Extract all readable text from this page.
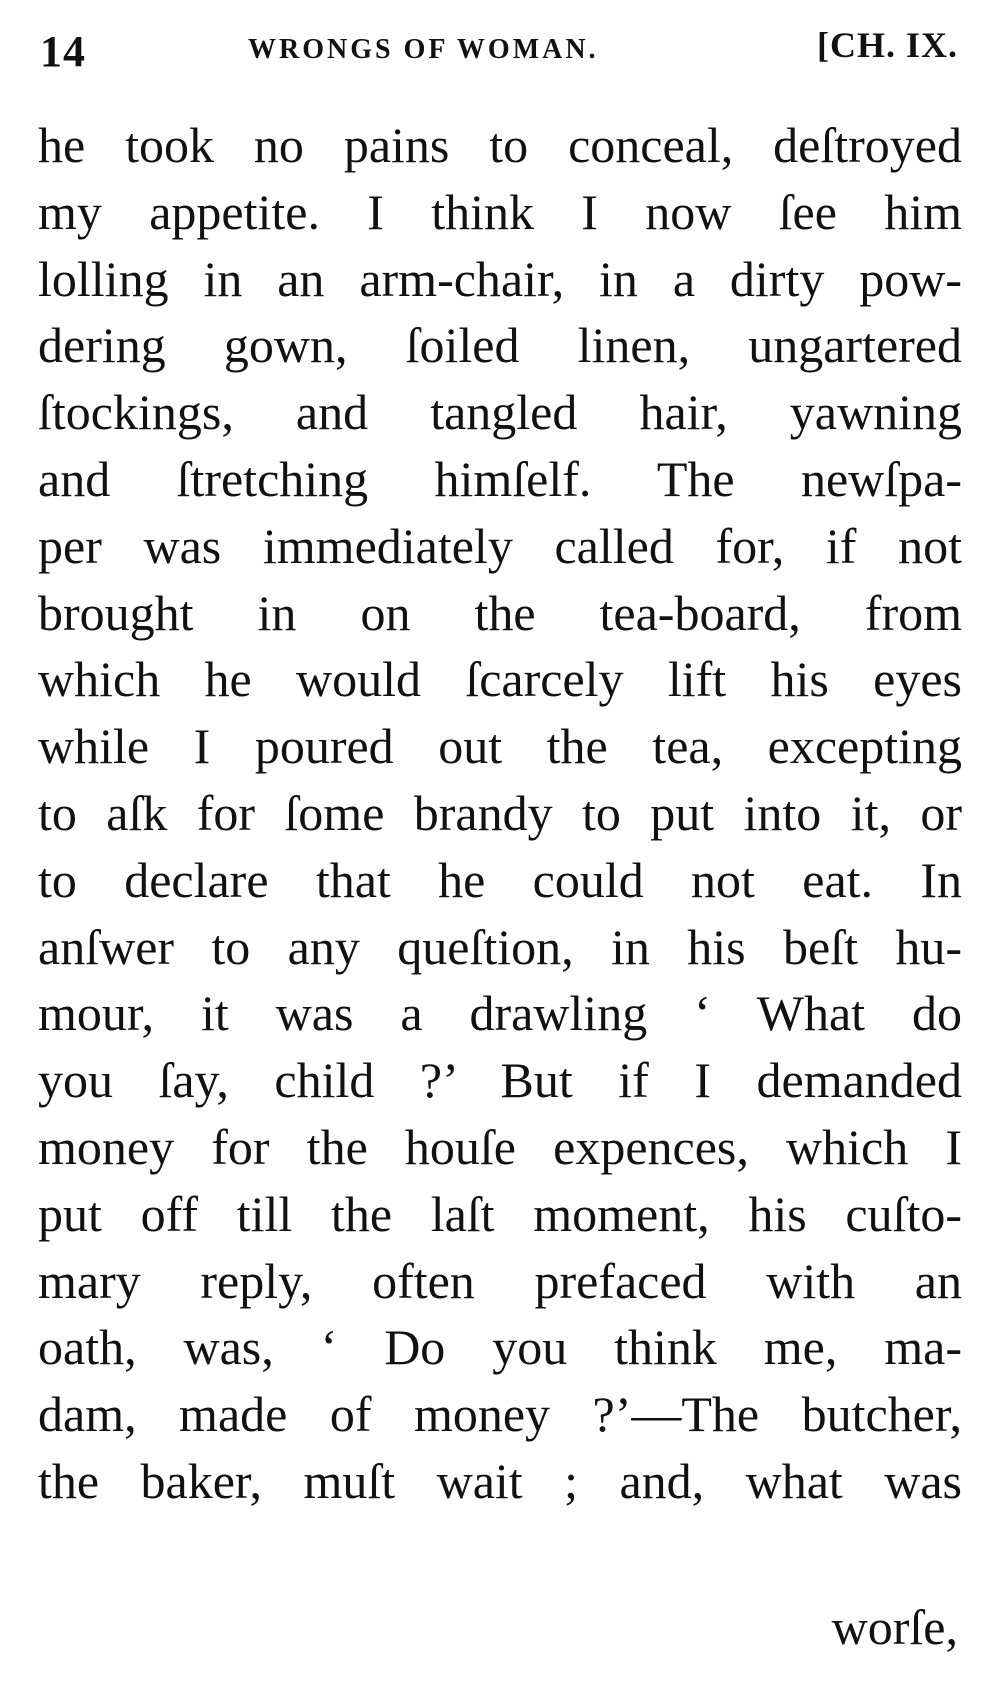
14	WRONGS OF WOMAN.	[CH. IX.
he took no pains to conceal, deſtroyed
my appetite. I think I now ſee him
lolling in an arm-chair, in a dirty pow-
dering gown, ſoiled linen, ungartered
ſtockings, and tangled hair, yawning
and ſtretching himſelf. The newſpa-
per was immediately called for, if not
brought in on the tea-board, from
which he would ſcarcely lift his eyes
while I poured out the tea, excepting
to aſk for ſome brandy to put into it, or
to declare that he could not eat. In
anſwer to any queſtion, in his beſt hu-
mour, it was a drawling ‘ What do
you ſay, child ?’ But if I demanded
money for the houſe expences, which I
put off till the laſt moment, his cuſto-
mary reply, often prefaced with an
oath, was, ‘ Do you think me, ma-
dam, made of money ?’—The butcher,
the baker, muſt wait ; and, what was
worſe,
